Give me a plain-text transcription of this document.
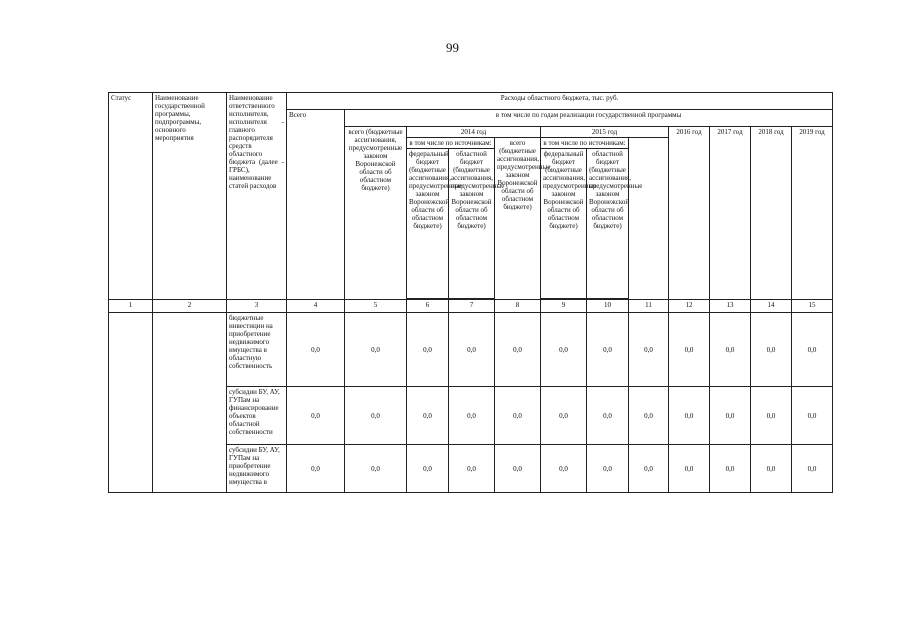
99
Статус	Наименование государственной программы, подпрограммы, основного мероприятия	Наименование ответственного исполнителя, исполнителя - главного распорядителя средств областного бюджета (далее - ГРБС), наименование статей расходов	Расходы областного бюджета, тыс. руб.												
			Всего	в том числе по годам реализации государственной программы											
				всего (бюджетные ассигнования, предусмотренные законом Воронежской области об областном бюджете)	2014 год			2015 год			2016 год	2017 год	2018 год	2019 год	
					в том числе по источникам:		всего (бюджетные ассигнования, предусмотренные законом Воронежской области об областном бюджете)	в том числе по источникам:							
					федеральный бюджет (бюджетные ассигнования, предусмотренные законом Воронежской области об областном бюджете)	областной бюджет (бюджетные ассигнования, предусмотренные законом Воронежской области об областном бюджете)		федеральный бюджет (бюджетные ассигнования, предусмотренные законом Воронежской области об областном бюджете)	областной бюджет (бюджетные ассигнования, предусмотренные законом Воронежской области об областном бюджете)						

1	2	3	4	5	6	7	8	9	10	11	12	13	14	15	
		бюджетные инвестиции на приобретение недвижимого имущества в областную собственность	0,0	0,0	0,0	0,0	0,0	0,0	0,0	0,0	0,0	0,0	0,0	0,0	
		субсидии БУ, АУ, ГУПам на финансирование объектов областной собственности	0,0	0,0	0,0	0,0	0,0	0,0	0,0	0,0	0,0	0,0	0,0	0,0	
		субсидии БУ, АУ, ГУПам на приобретение недвижимого имущества в	0,0	0,0	0,0	0,0	0,0	0,0	0,0	0,0	0,0	0,0	0,0	0,0	
